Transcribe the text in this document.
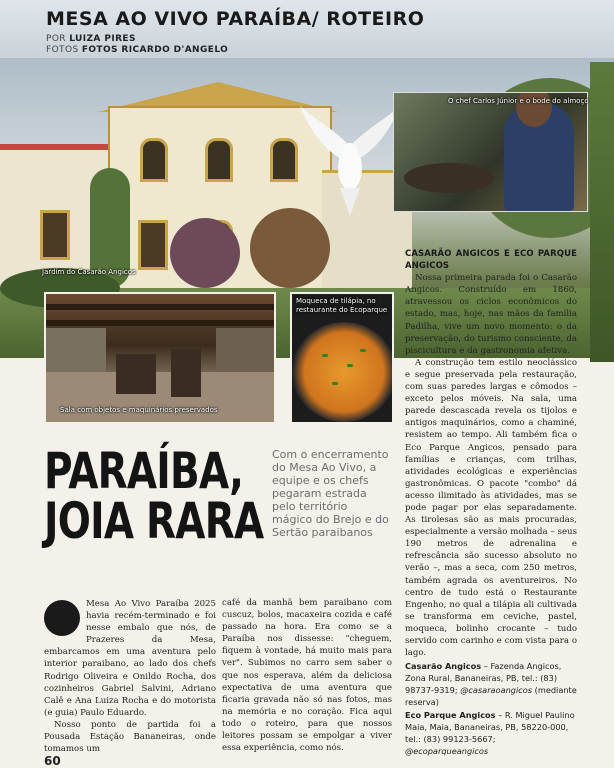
Jardim do Casarão Angicos
MESA AO VIVO PARAÍBA/ ROTEIRO
POR LUIZA PIRES
FOTOS FOTOS RICARDO D'ANGELO
O chef Carlos Júnior e o bode do almoço
Sala com objetos e maquinários preservados
Moqueca de tilápia, no restaurante do Ecoparque
PARAÍBA,
JOIA RARA
Com o encerramento do Mesa Ao Vivo, a equipe e os chefs pegaram estrada pelo território mágico do Brejo e do Sertão paraibanos

Mesa Ao Vivo Paraíba 2025 havia recém-terminado e foi nesse embalo que nós, de Prazeres da Mesa, embarcamos em uma aventura pelo interior paraibano, ao lado dos chefs Rodrigo Oliveira e Onildo Rocha, dos cozinheiros Gabriel Salvini, Adriano Calê e Ana Luiza Rocha e do motorista (e guia) Paulo Eduardo.

Nosso ponto de partida foi a Pousada Estação Bananeiras, onde tomamos um

café da manhã bem paraibano com cuscuz, bolos, macaxeira cozida e café passado na hora. Era como se a Paraíba nos dissesse: "cheguem, fiquem à vontade, há muito mais para ver". Subimos no carro sem saber o que nos esperava, além da deliciosa expectativa de uma aventura que ficaria gravada não só nas fotos, mas na memória e no coração. Fica aqui todo o roteiro, para que nossos leitores possam se empolgar a viver essa experiência, como nós.

CASARÃO ANGICOS E ECO PARQUE ANGICOS

Nossa primeira parada foi o Casarão Angicos. Construído em 1860, atravessou os ciclos econômicos do estado, mas, hoje, nas mãos da família Padilha, vive um novo momento: o da preservação, do turismo consciente, da piscicultura e da gastronomia afetiva.

A construção tem estilo neoclássico e segue preservada pela restauração, com suas paredes largas e cômodos – exceto pelos móveis. Na sala, uma parede descascada revela os tijolos e antigos maquinários, como a chaminé, resistem ao tempo. Ali também fica o Eco Parque Angicos, pensado para famílias e crianças, com trilhas, atividades ecológicas e experiências gastronômicas. O pacote "combo" dá acesso ilimitado às atividades, mas se pode pagar por elas separadamente. As tirolesas são as mais procuradas, especialmente a versão molhada – seus 190 metros de adrenalina e refrescância são sucesso absoluto no verão –, mas a seca, com 250 metros, também agrada os aventureiros. No centro de tudo está o Restaurante Engenho, no qual a tilápia ali cultivada se transforma em ceviche, pastel, moqueca, bolinho crocante – tudo servido com carinho e com vista para o lago.

Casarão Angicos – Fazenda Angicos, Zona Rural, Bananeiras, PB, tel.: (83) 98737-9319; @casaraoangicos (mediante reserva)

Eco Parque Angicos – R. Miguel Paulino Maia, Maia, Bananeiras, PB, 58220-000, tel.: (83) 99123-5667; @ecoparqueangicos

60
